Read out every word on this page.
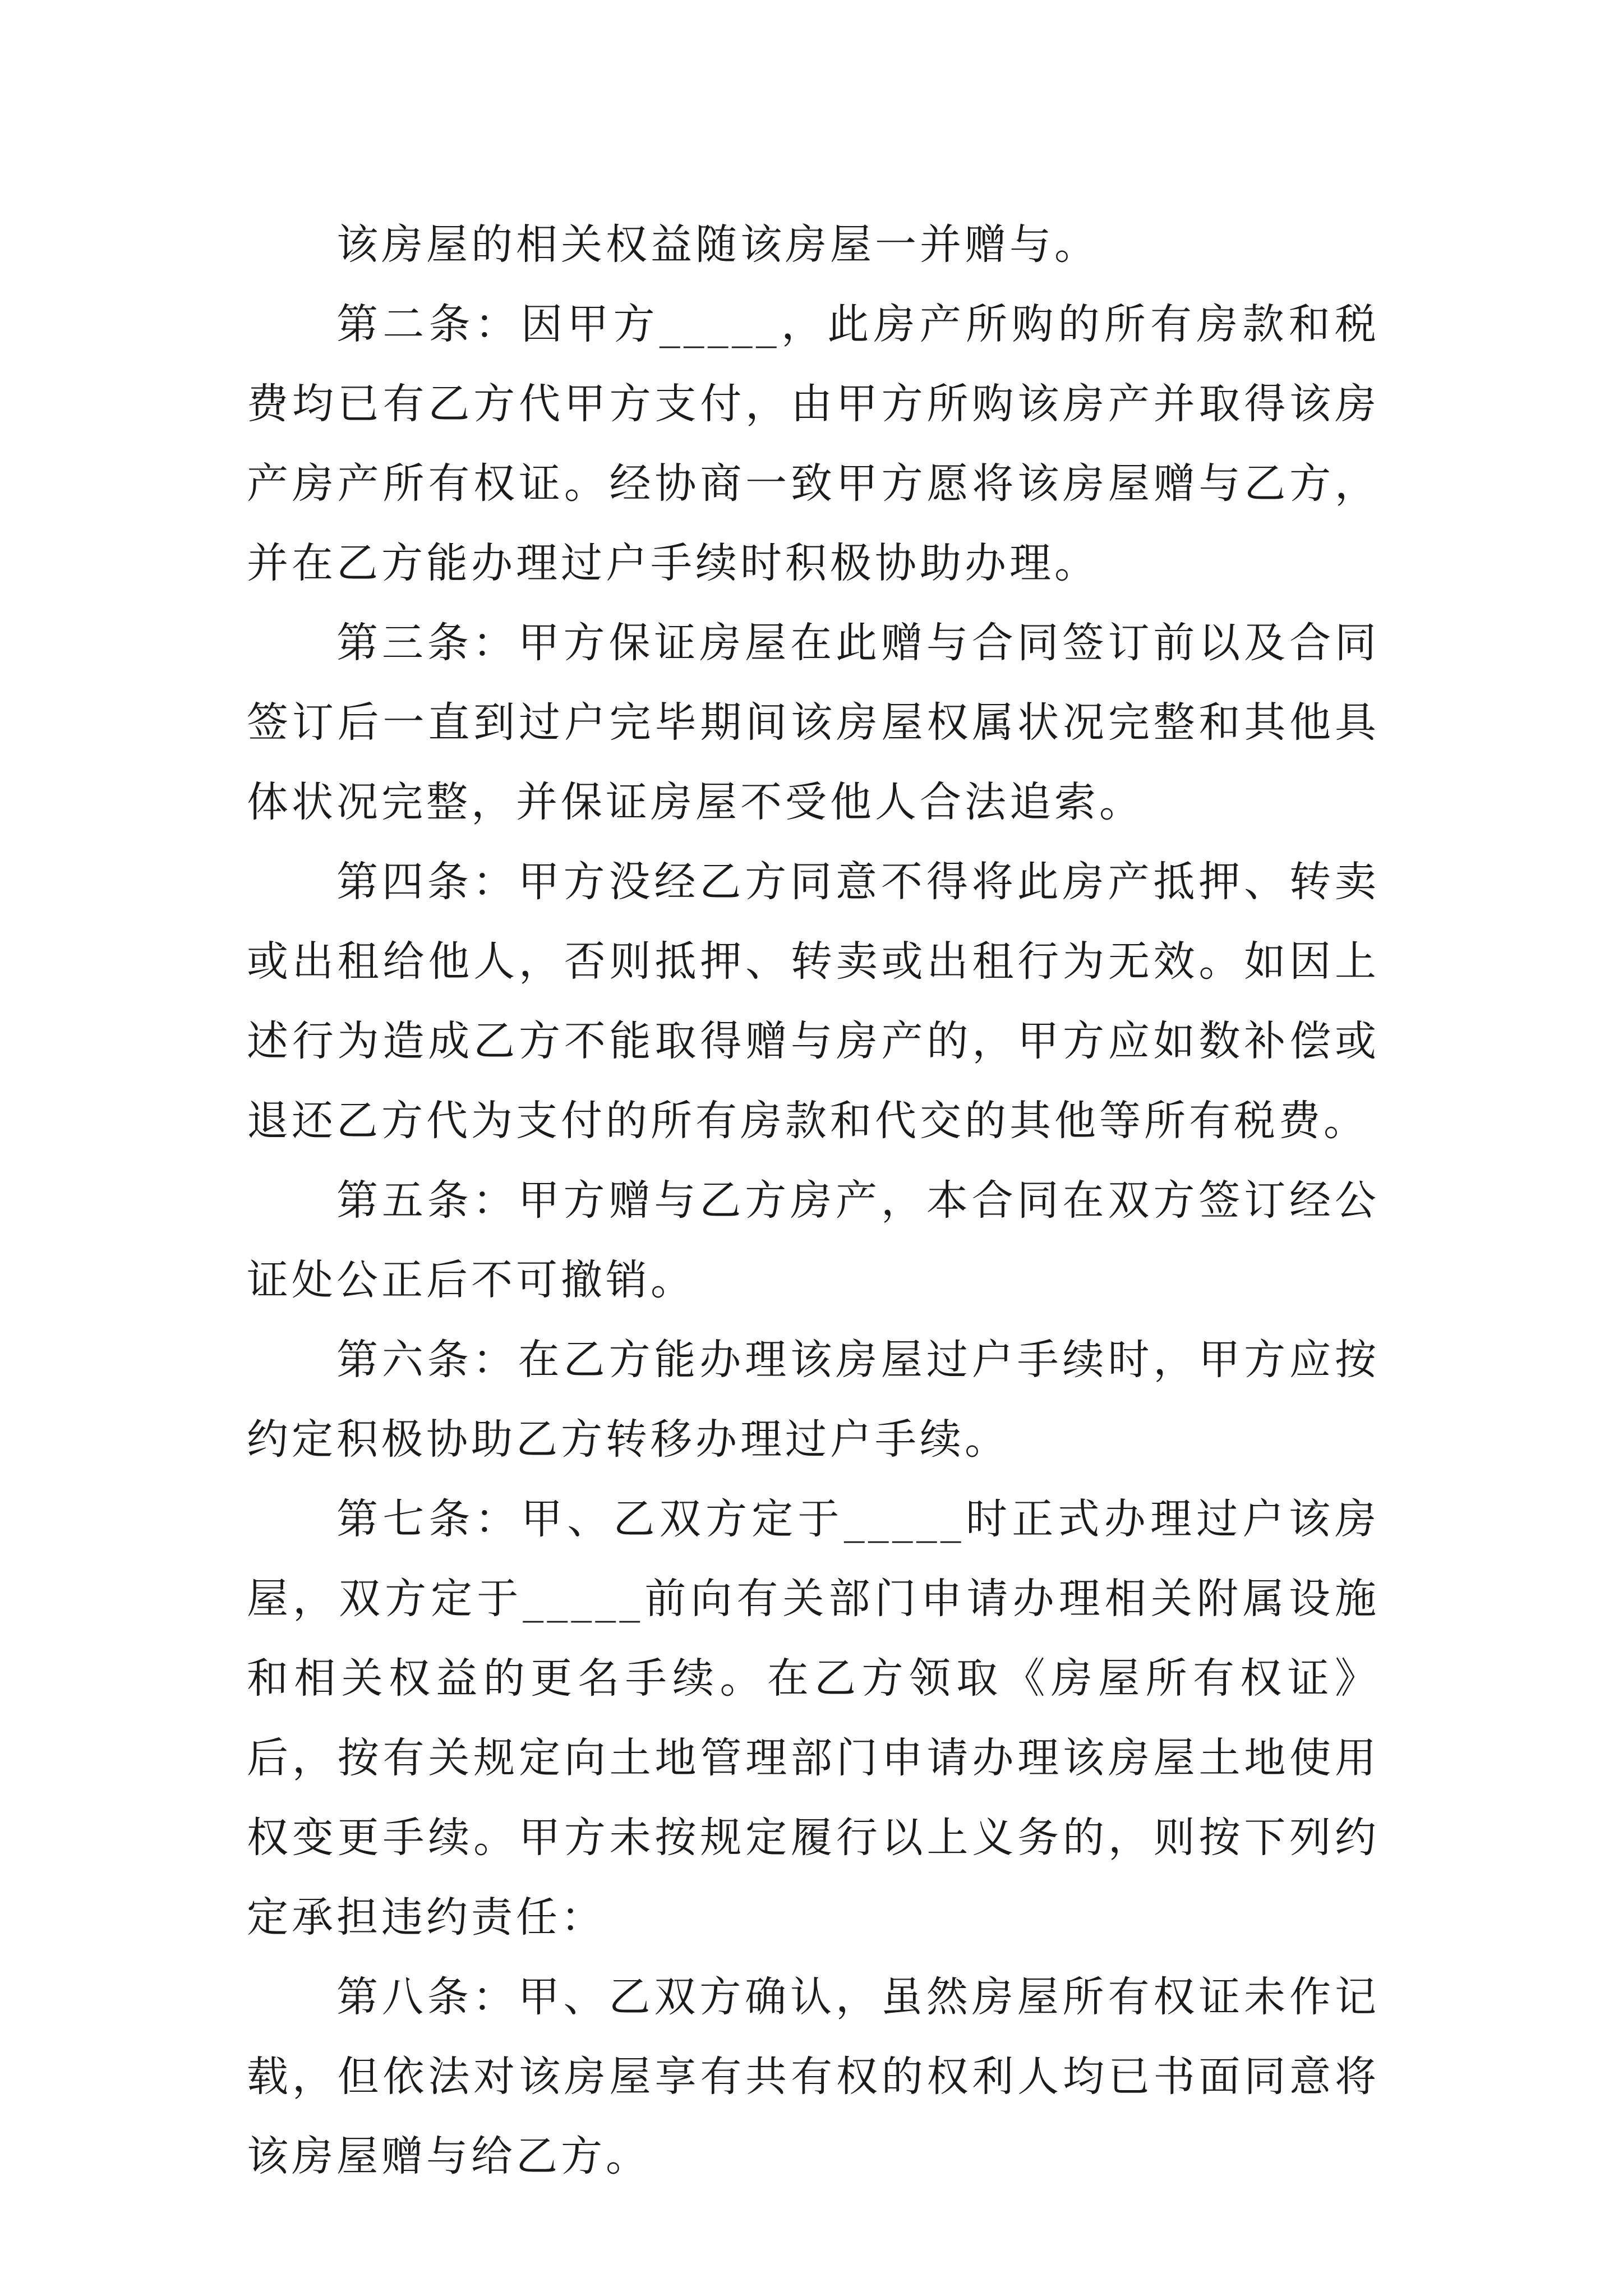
该房屋的相关权益随该房屋一并赠与。

第二条：因甲方_____，此房产所购的所有房款和税费均已有乙方代甲方支付，由甲方所购该房产并取得该房产房产所有权证。经协商一致甲方愿将该房屋赠与乙方，并在乙方能办理过户手续时积极协助办理。

第三条：甲方保证房屋在此赠与合同签订前以及合同签订后一直到过户完毕期间该房屋权属状况完整和其他具体状况完整，并保证房屋不受他人合法追索。

第四条：甲方没经乙方同意不得将此房产抵押、转卖或出租给他人，否则抵押、转卖或出租行为无效。如因上述行为造成乙方不能取得赠与房产的，甲方应如数补偿或退还乙方代为支付的所有房款和代交的其他等所有税费。

第五条：甲方赠与乙方房产，本合同在双方签订经公证处公正后不可撤销。

第六条：在乙方能办理该房屋过户手续时，甲方应按约定积极协助乙方转移办理过户手续。

第七条：甲、乙双方定于_____时正式办理过户该房屋，双方定于_____前向有关部门申请办理相关附属设施和相关权益的更名手续。在乙方领取《房屋所有权证》后，按有关规定向土地管理部门申请办理该房屋土地使用权变更手续。甲方未按规定履行以上义务的，则按下列约定承担违约责任：

第八条：甲、乙双方确认，虽然房屋所有权证未作记载，但依法对该房屋享有共有权的权利人均已书面同意将该房屋赠与给乙方。
